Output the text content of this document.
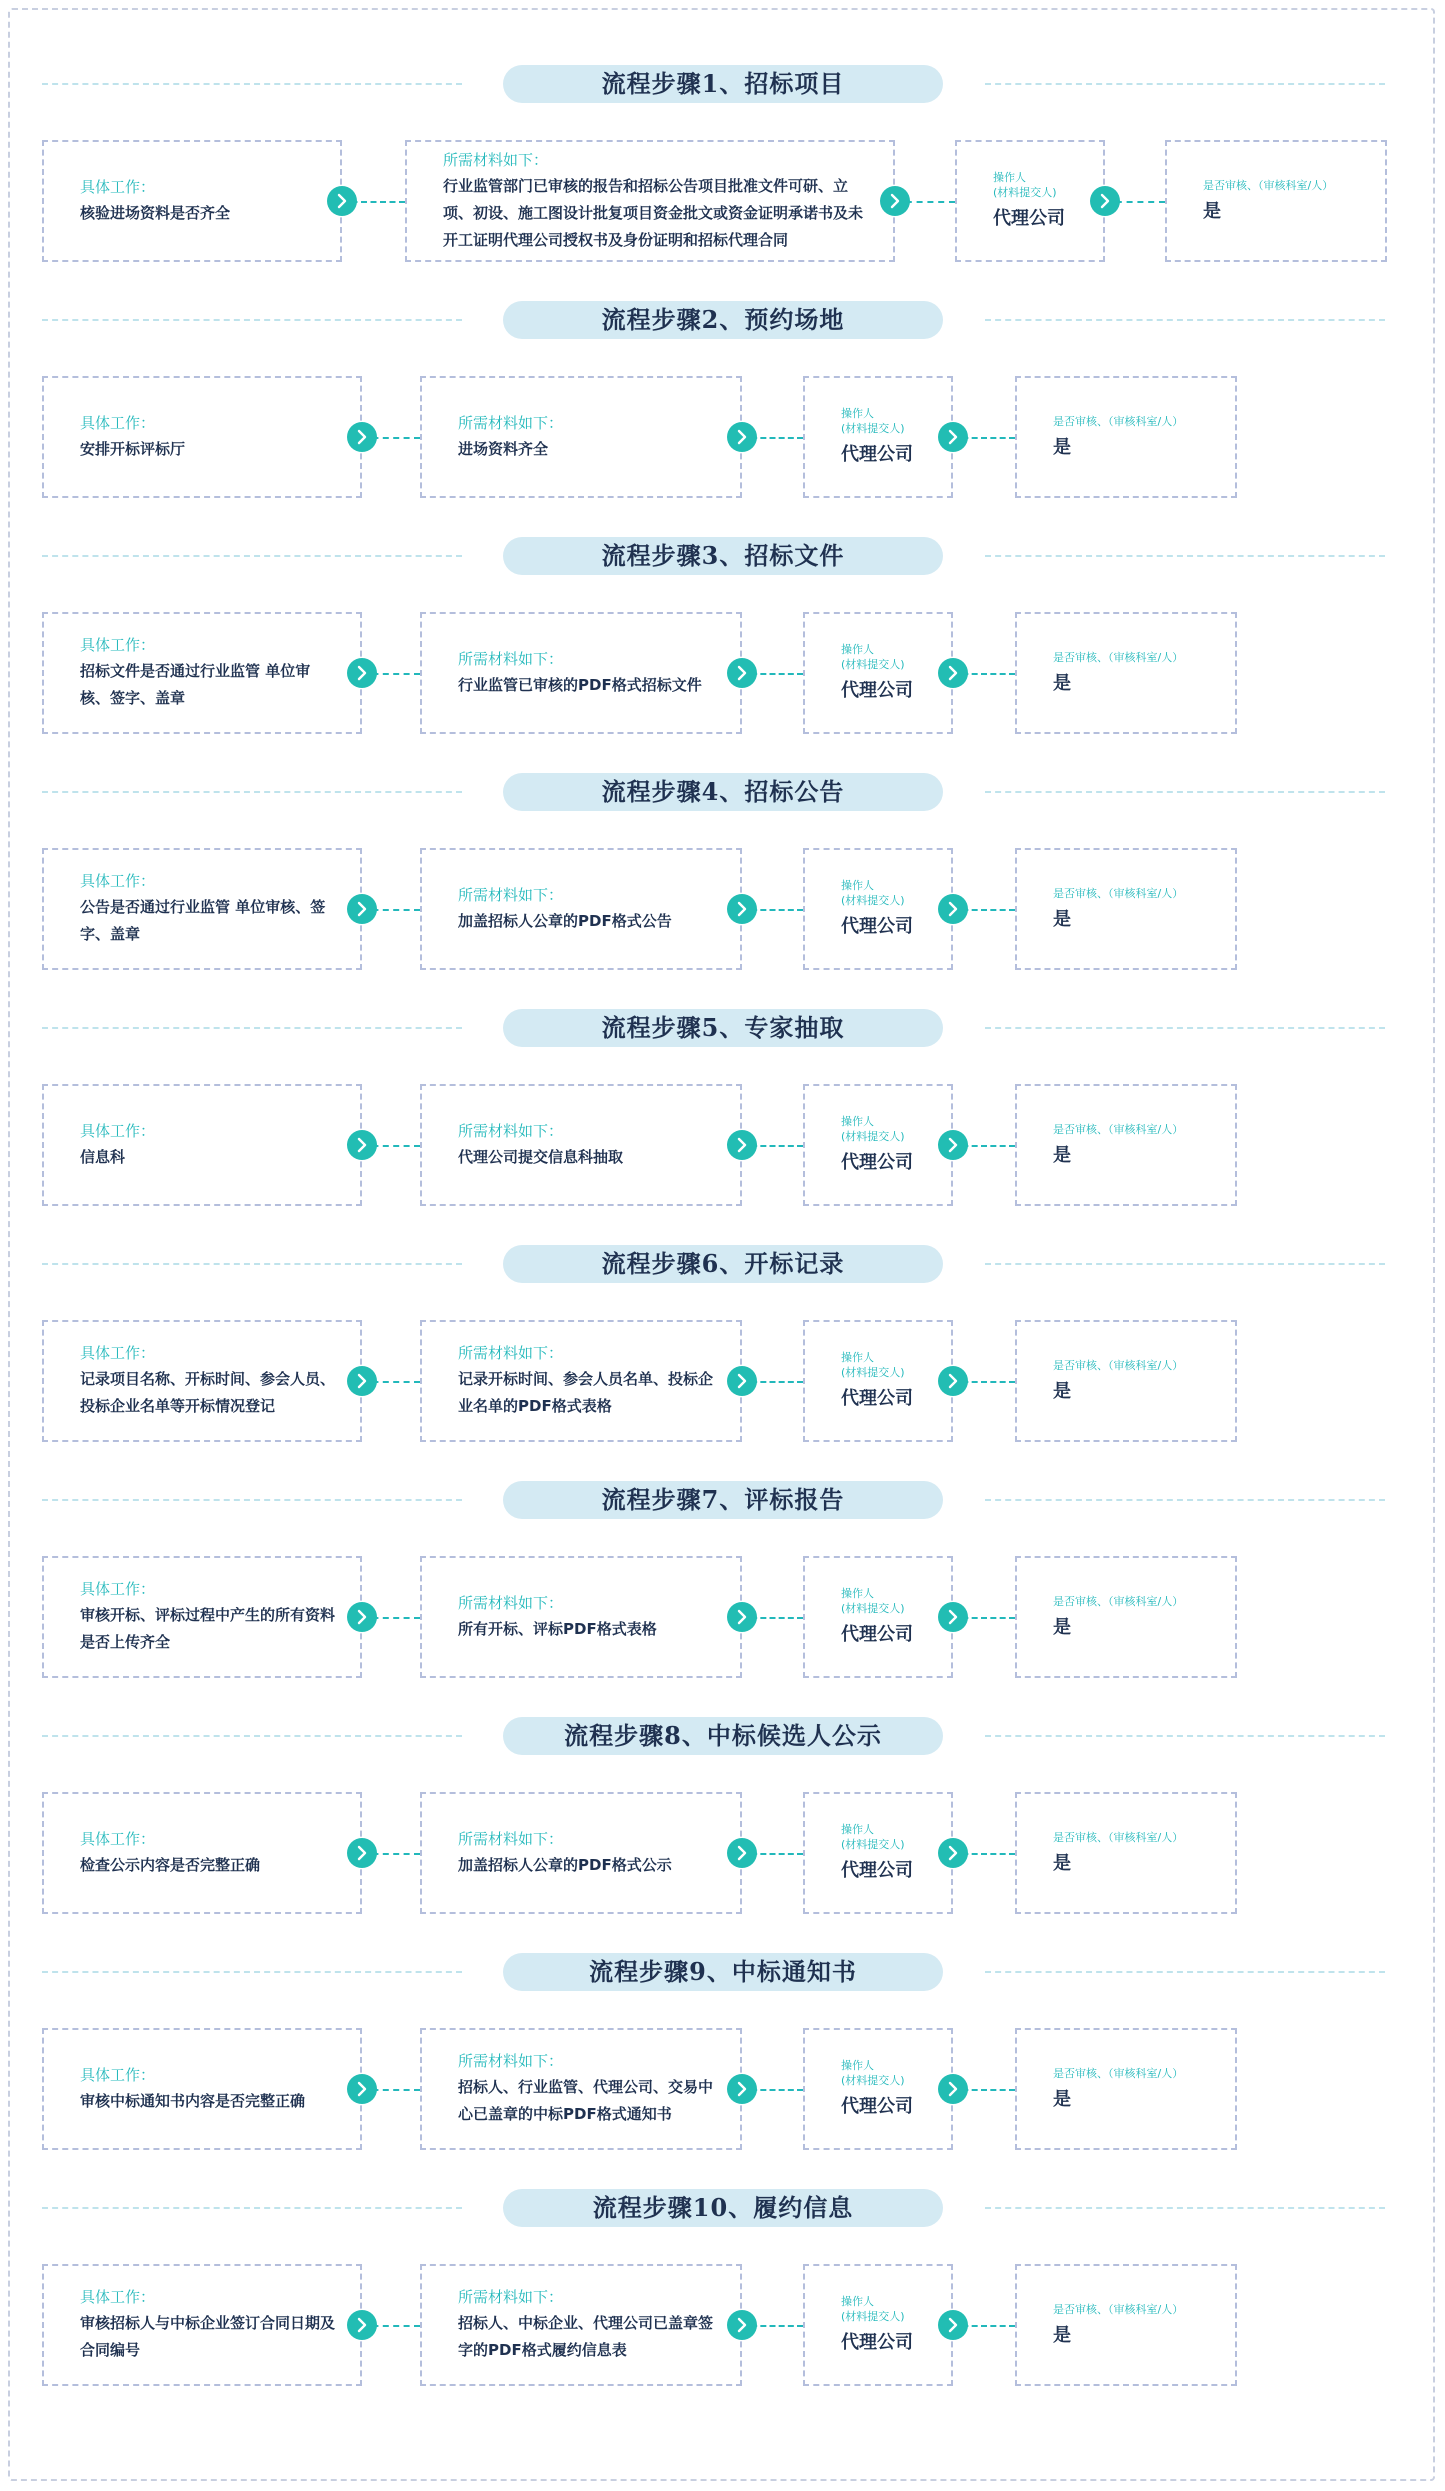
流程步骤1、招标项目
具体工作：
核验进场资料是否齐全
所需材料如下：
行业监管部门已审核的报告和招标公告项目批准文件可研、立项、初设、施工图设计批复项目资金批文或资金证明承诺书及未开工证明代理公司授权书及身份证明和招标代理合同
操作人
(材料提交人)
代理公司
是否审核、（审核科室/人）
是
流程步骤2、预约场地
具体工作：
安排开标评标厅
所需材料如下：
进场资料齐全
操作人
(材料提交人)
代理公司
是否审核、（审核科室/人）
是
流程步骤3、招标文件
具体工作：
招标文件是否通过行业监管 单位审核、签字、盖章
所需材料如下：
行业监管已审核的PDF格式招标文件
操作人
(材料提交人)
代理公司
是否审核、（审核科室/人）
是
流程步骤4、招标公告
具体工作：
公告是否通过行业监管 单位审核、签字、盖章
所需材料如下：
加盖招标人公章的PDF格式公告
操作人
(材料提交人)
代理公司
是否审核、（审核科室/人）
是
流程步骤5、专家抽取
具体工作：
信息科
所需材料如下：
代理公司提交信息科抽取
操作人
(材料提交人)
代理公司
是否审核、（审核科室/人）
是
流程步骤6、开标记录
具体工作：
记录项目名称、开标时间、参会人员、投标企业名单等开标情况登记
所需材料如下：
记录开标时间、参会人员名单、投标企业名单的PDF格式表格
操作人
(材料提交人)
代理公司
是否审核、（审核科室/人）
是
流程步骤7、评标报告
具体工作：
审核开标、评标过程中产生的所有资料是否上传齐全
所需材料如下：
所有开标、评标PDF格式表格
操作人
(材料提交人)
代理公司
是否审核、（审核科室/人）
是
流程步骤8、中标候选人公示
具体工作：
检查公示内容是否完整正确
所需材料如下：
加盖招标人公章的PDF格式公示
操作人
(材料提交人)
代理公司
是否审核、（审核科室/人）
是
流程步骤9、中标通知书
具体工作：
审核中标通知书内容是否完整正确
所需材料如下：
招标人、行业监管、代理公司、交易中心已盖章的中标PDF格式通知书
操作人
(材料提交人)
代理公司
是否审核、（审核科室/人）
是
流程步骤10、履约信息
具体工作：
审核招标人与中标企业签订合同日期及合同编号
所需材料如下：
招标人、中标企业、代理公司已盖章签字的PDF格式履约信息表
操作人
(材料提交人)
代理公司
是否审核、（审核科室/人）
是
